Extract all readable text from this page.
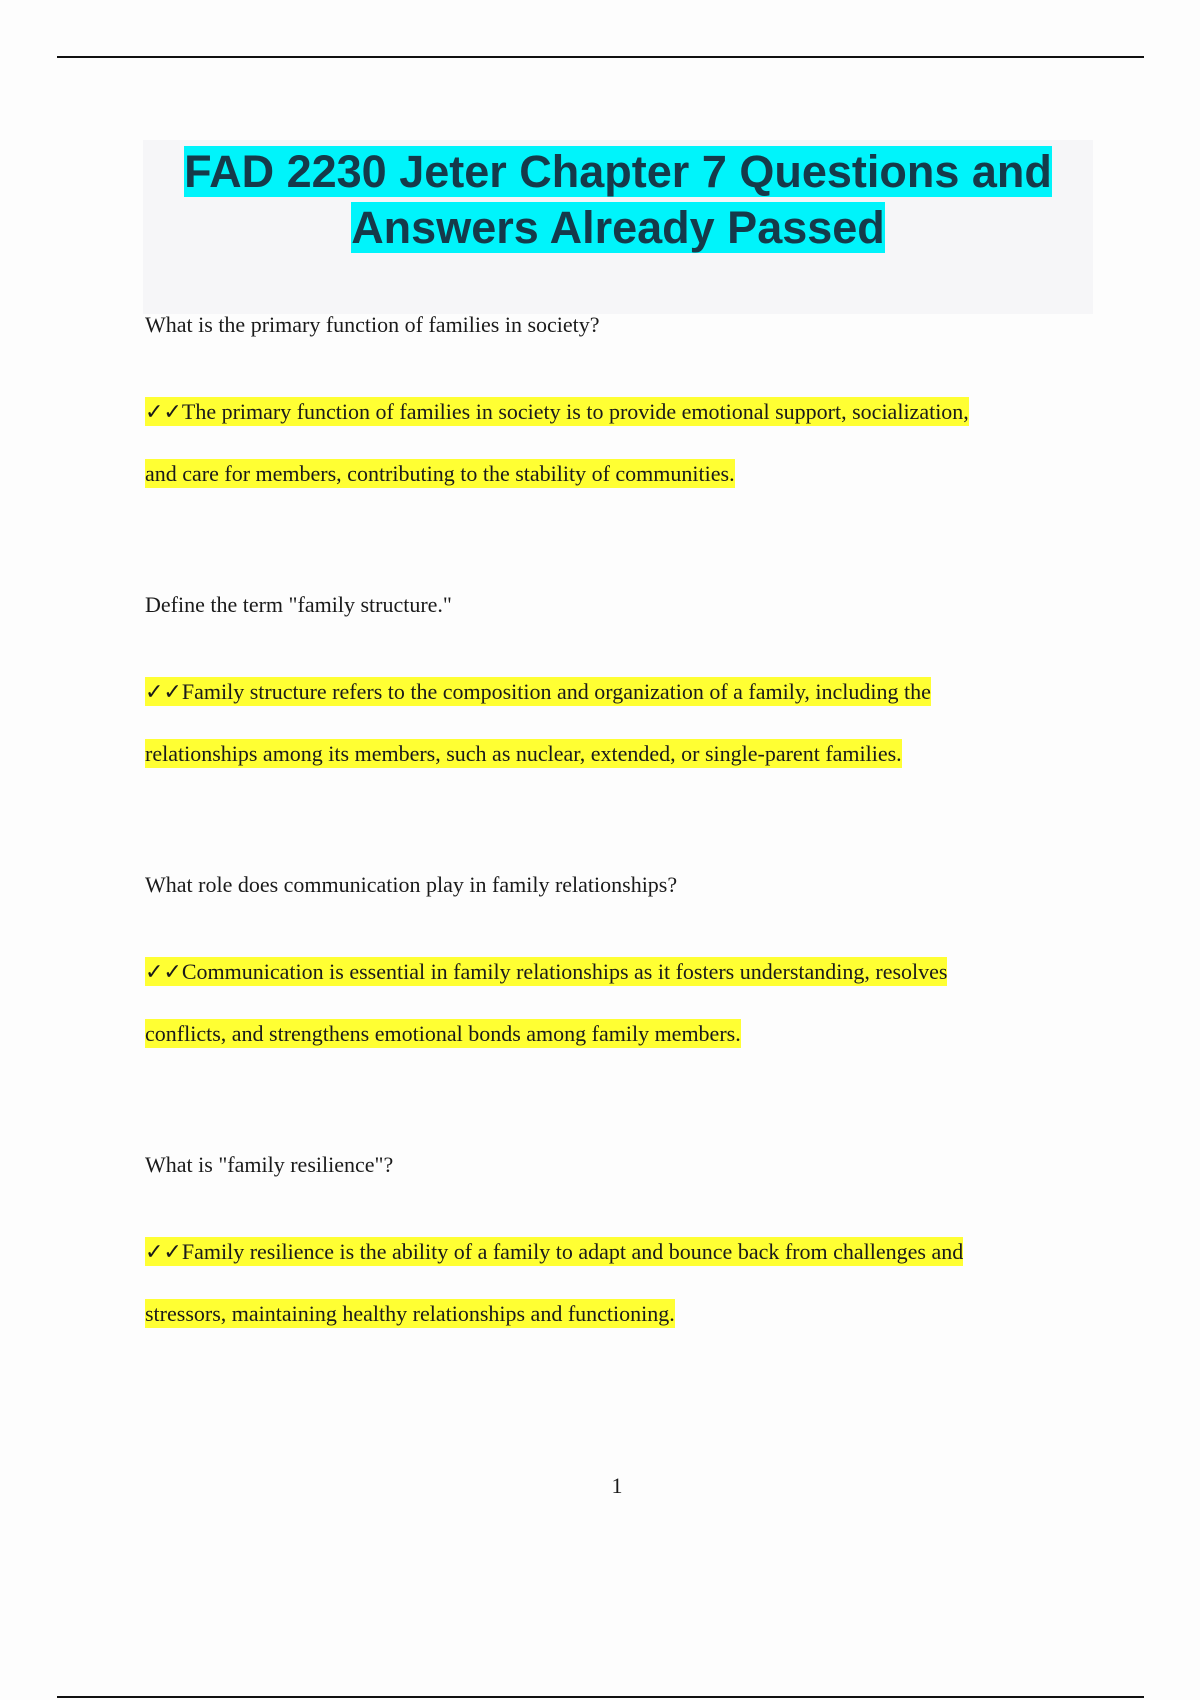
FAD 2230 Jeter Chapter 7 Questions and
Answers Already Passed

What is the primary function of families in society?

✓✓The primary function of families in society is to provide emotional support, socialization,
and care for members, contributing to the stability of communities.

Define the term "family structure."

✓✓Family structure refers to the composition and organization of a family, including the
relationships among its members, such as nuclear, extended, or single-parent families.

What role does communication play in family relationships?

✓✓Communication is essential in family relationships as it fosters understanding, resolves
conflicts, and strengthens emotional bonds among family members.

What is "family resilience"?

✓✓Family resilience is the ability of a family to adapt and bounce back from challenges and
stressors, maintaining healthy relationships and functioning.
1
